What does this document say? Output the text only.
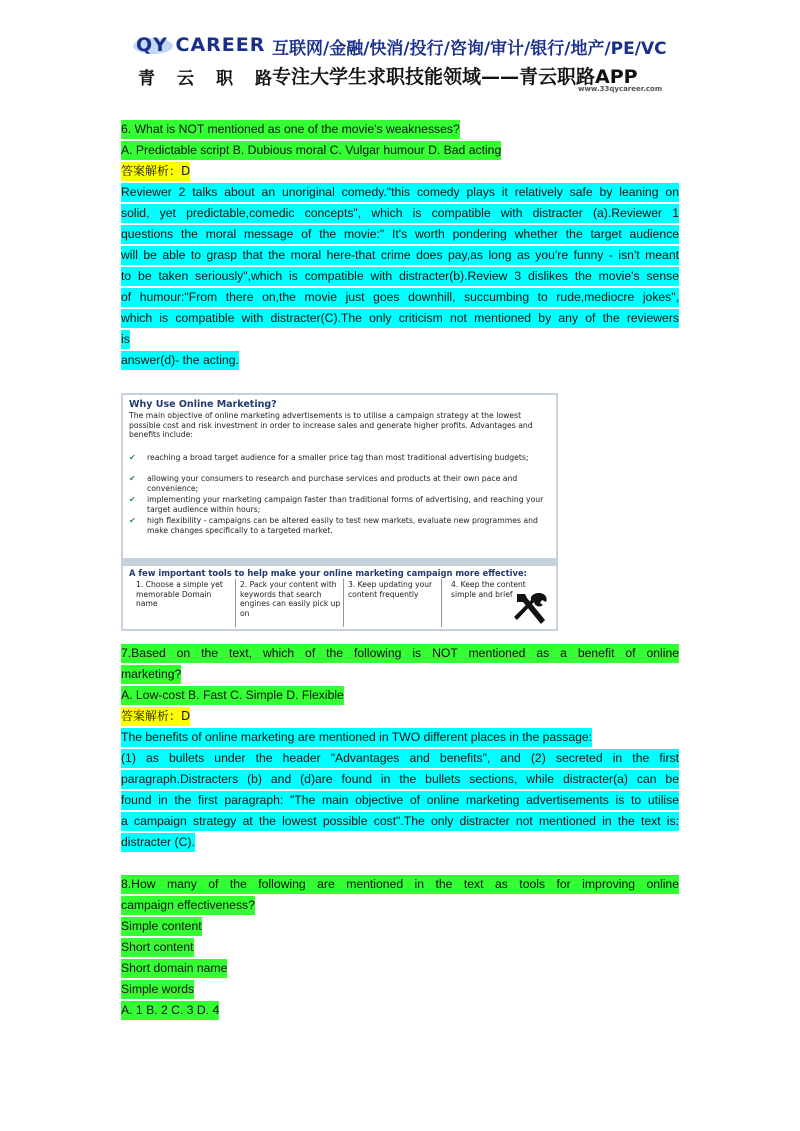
QY CAREER
青云职路
互联网/金融/快消/投行/咨询/审计/银行/地产/PE/VC
专注大学生求职技能领域——青云职路APP
www.33qycareer.com
6. What is NOT mentioned as one of the movie's weaknesses?
A. Predictable script B. Dubious moral C. Vulgar humour D. Bad acting
答案解析：D
Reviewer 2 talks about an unoriginal comedy."this comedy plays it relatively safe by leaning on
solid, yet predictable,comedic concepts", which is compatible with distracter (a).Reviewer 1
questions the moral message of the movie:" It's worth pondering whether the target audience
will be able to grasp that the moral here-that crime does pay,as long as you're funny - isn't meant
to be taken seriously",which is compatible with distracter(b).Review 3 dislikes the movie's sense
of humour:"From there on,the movie just goes downhill, succumbing to rude,mediocre jokes",
which is compatible with distracter(C).The only criticism not mentioned by any of the reviewers
is
answer(d)- the acting.
Why Use Online Marketing?
The main objective of online marketing advertisements is to utilise a campaign strategy at the lowest possible cost and risk investment in order to increase sales and generate higher profits. Advantages and benefits include:
✔ reaching a broad target audience for a smaller price tag than most traditional advertising budgets;
✔ allowing your consumers to research and purchase services and products at their own pace and convenience;
✔ implementing your marketing campaign faster than traditional forms of advertising, and reaching your target audience within hours;
✔ high flexibility - campaigns can be altered easily to test new markets, evaluate new programmes and make changes specifically to a targeted market.
A few important tools to help make your online marketing campaign more effective:
1. Choose a simple yet memorable Domain name
2. Pack your content with keywords that search engines can easily pick up on
3. Keep updating your content frequently
4. Keep the content simple and brief
7.Based on the text, which of the following is NOT mentioned as a benefit of online
marketing?
A. Low-cost B. Fast C. Simple D. Flexible
答案解析：D
The benefits of online marketing are mentioned in TWO different places in the passage:
(1) as bullets under the header "Advantages and benefits", and (2) secreted in the first
paragraph.Distracters (b) and (d)are found in the bullets sections, while distracter(a) can be
found in the first paragraph: "The main objective of online marketing advertisements is to utilise
a campaign strategy at the lowest possible cost".The only distracter not mentioned in the text is:
distracter (C).
8.How many of the following are mentioned in the text as tools for improving online
campaign effectiveness?
Simple content
Short content
Short domain name
Simple words
A. 1 B. 2 C. 3 D. 4
